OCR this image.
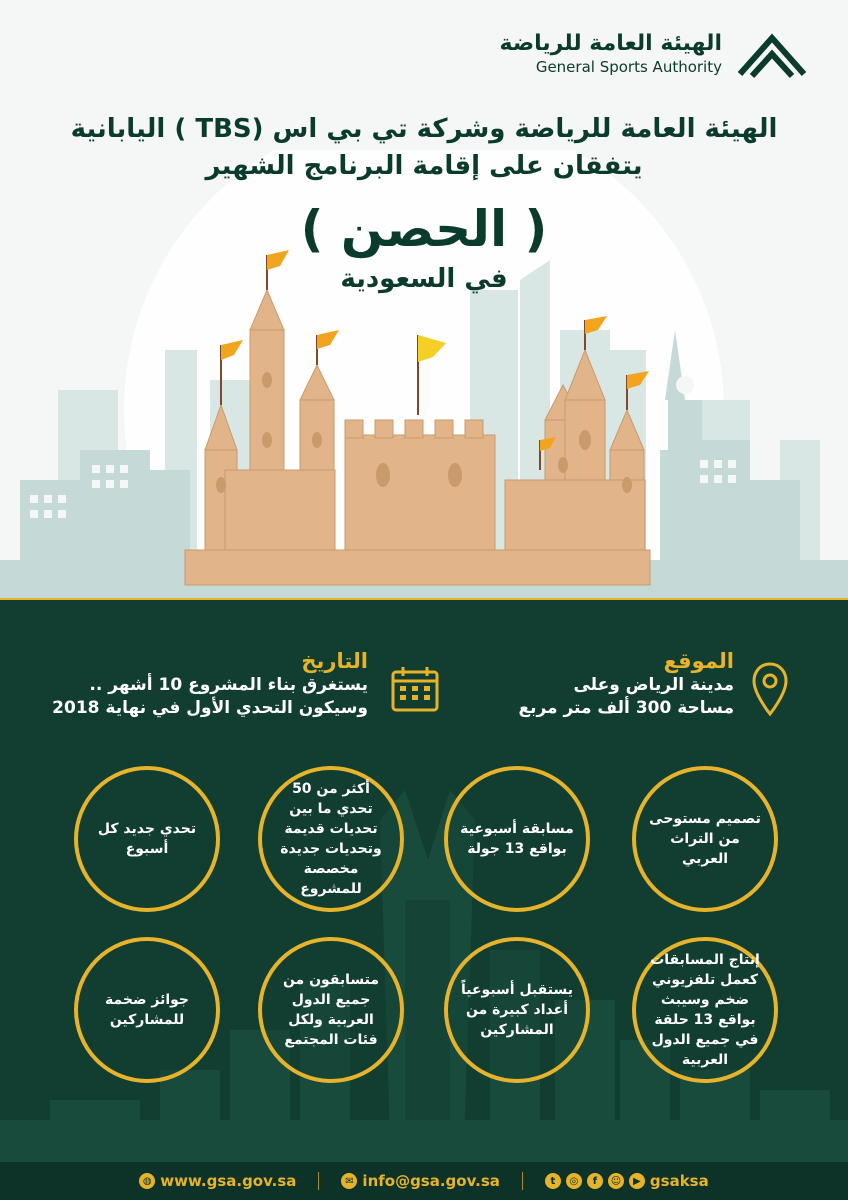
الهيئة العامة للرياضة
General Sports Authority
الهيئة العامة للرياضة وشركة تي بي اس (TBS ) اليابانية
يتفقان على إقامة البرنامج الشهير
( الحصن )
في السعودية
الموقع
مدينة الرياض وعلى
مساحة 300 ألف متر مربع
التاريخ
يستغرق بناء المشروع 10 أشهر ..
وسيكون التحدي الأول في نهاية 2018
تصميم مستوحى من التراث العربي
مسابقة أسبوعية بواقع 13 جولة
أكثر من 50 تحدي ما بين تحديات قديمة وتحديات جديدة مخصصة للمشروع
تحدي جديد كل أسبوع
إنتاج المسابقات كعمل تلفزيوني ضخم وسيبث بواقع 13 حلقة في جميع الدول العربية
يستقبل أسبوعياً أعداد كبيرة من المشاركين
متسابقون من جميع الدول العربية ولكل فئات المجتمع
جوائز ضخمة للمشاركين
◍ www.gsa.gov.sa	✉ info@gsa.gov.sa	t	◎	f	☺	▶ gsaksa
